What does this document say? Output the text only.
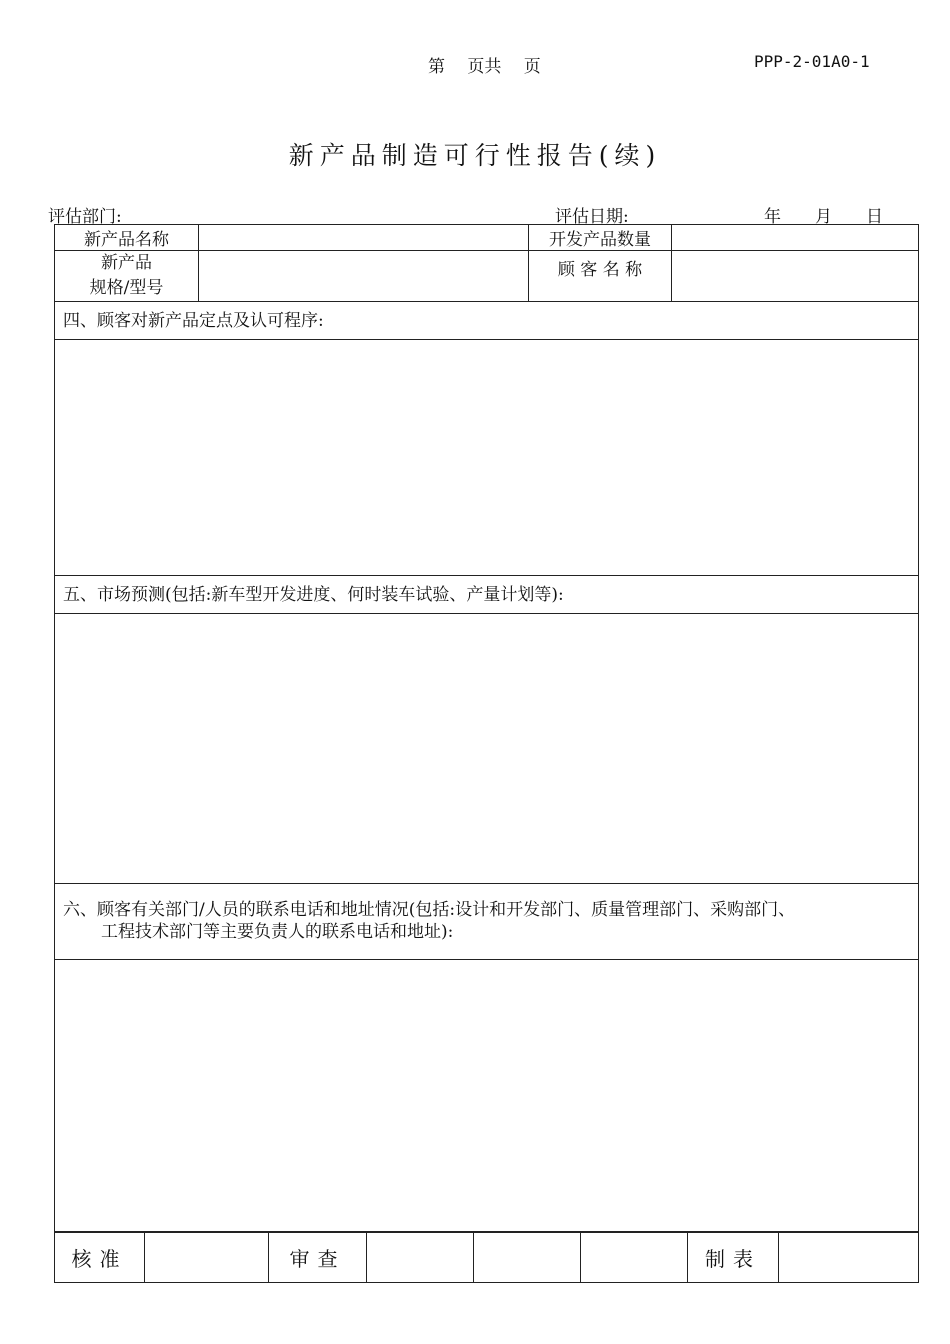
第　 页共　 页	PPP-2-01A0-1
新产品制造可行性报告(续)
评估部门:	评估日期:	年　　月　　日
新产品名称		开发产品数量	

新产品
规格/型号		顾 客 名 称	
四、顾客对新产品定点及认可程序:			

五、市场预测(包括:新车型开发进度、何时装车试验、产量计划等):			

六、顾客有关部门/人员的联系电话和地址情况(包括:设计和开发部门、质量管理部门、采购部门、
工程技术部门等主要负责人的联系电话和地址):			

核准		审查				制表	
